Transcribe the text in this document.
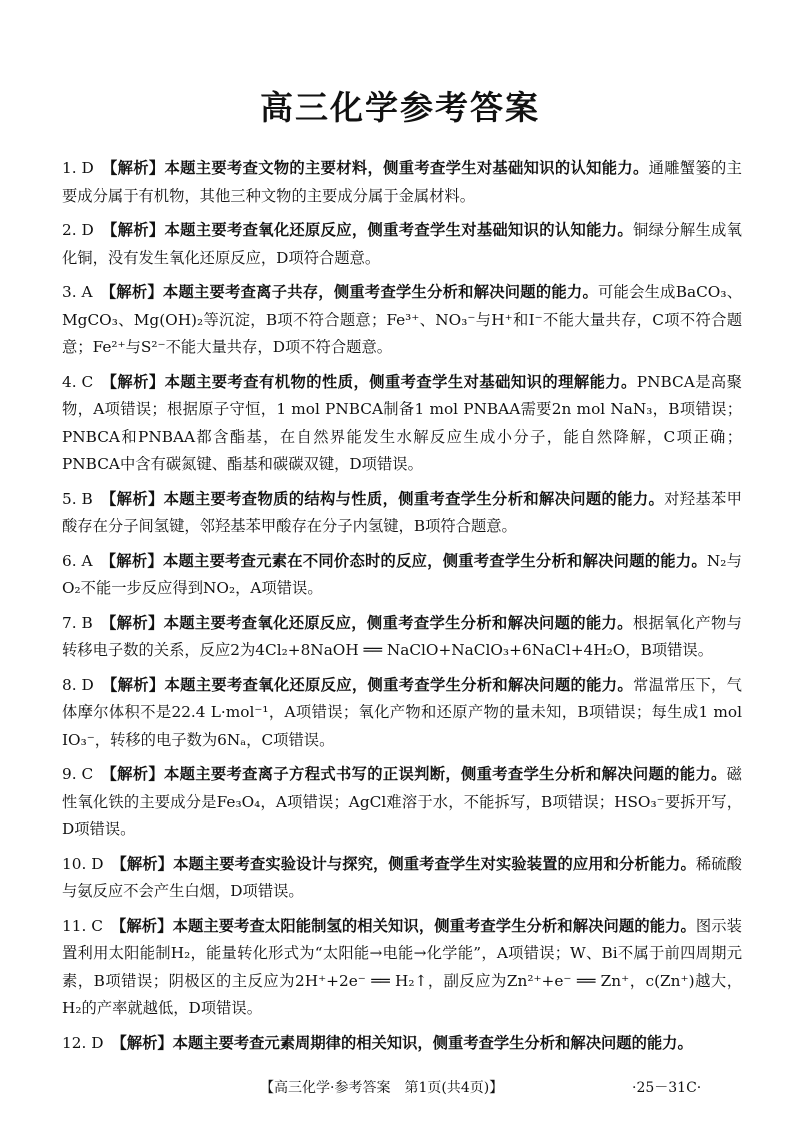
高三化学参考答案

1. D 【解析】本题主要考查文物的主要材料，侧重考查学生对基础知识的认知能力。通雕蟹篓的主要成分属于有机物，其他三种文物的主要成分属于金属材料。

2. D 【解析】本题主要考查氧化还原反应，侧重考查学生对基础知识的认知能力。铜绿分解生成氧化铜，没有发生氧化还原反应，D项符合题意。

3. A 【解析】本题主要考查离子共存，侧重考查学生分析和解决问题的能力。可能会生成BaCO₃、MgCO₃、Mg(OH)₂等沉淀，B项不符合题意；Fe³⁺、NO₃⁻与H⁺和I⁻不能大量共存，C项不符合题意；Fe²⁺与S²⁻不能大量共存，D项不符合题意。

4. C 【解析】本题主要考查有机物的性质，侧重考查学生对基础知识的理解能力。PNBCA是高聚物，A项错误；根据原子守恒，1 mol PNBCA制备1 mol PNBAA需要2n mol NaN₃，B项错误；PNBCA和PNBAA都含酯基，在自然界能发生水解反应生成小分子，能自然降解，C项正确；PNBCA中含有碳氮键、酯基和碳碳双键，D项错误。

5. B 【解析】本题主要考查物质的结构与性质，侧重考查学生分析和解决问题的能力。对羟基苯甲酸存在分子间氢键，邻羟基苯甲酸存在分子内氢键，B项符合题意。

6. A 【解析】本题主要考查元素在不同价态时的反应，侧重考查学生分析和解决问题的能力。N₂与O₂不能一步反应得到NO₂，A项错误。

7. B 【解析】本题主要考查氧化还原反应，侧重考查学生分析和解决问题的能力。根据氧化产物与转移电子数的关系，反应2为4Cl₂+8NaOH ══ NaClO+NaClO₃+6NaCl+4H₂O，B项错误。

8. D 【解析】本题主要考查氧化还原反应，侧重考查学生分析和解决问题的能力。常温常压下，气体摩尔体积不是22.4 L·mol⁻¹，A项错误；氧化产物和还原产物的量未知，B项错误；每生成1 mol IO₃⁻，转移的电子数为6Nₐ，C项错误。

9. C 【解析】本题主要考查离子方程式书写的正误判断，侧重考查学生分析和解决问题的能力。磁性氧化铁的主要成分是Fe₃O₄，A项错误；AgCl难溶于水，不能拆写，B项错误；HSO₃⁻要拆开写，D项错误。

10. D 【解析】本题主要考查实验设计与探究，侧重考查学生对实验装置的应用和分析能力。稀硫酸与氨反应不会产生白烟，D项错误。

11. C 【解析】本题主要考查太阳能制氢的相关知识，侧重考查学生分析和解决问题的能力。图示装置利用太阳能制H₂，能量转化形式为“太阳能→电能→化学能”，A项错误；W、Bi不属于前四周期元素，B项错误；阴极区的主反应为2H⁺+2e⁻ ══ H₂↑，副反应为Zn²⁺+e⁻ ══ Zn⁺，c(Zn⁺)越大，H₂的产率就越低，D项错误。

12. D 【解析】本题主要考查元素周期律的相关知识，侧重考查学生分析和解决问题的能力。

【高三化学·参考答案　第1页(共4页)】	·25－31C·
